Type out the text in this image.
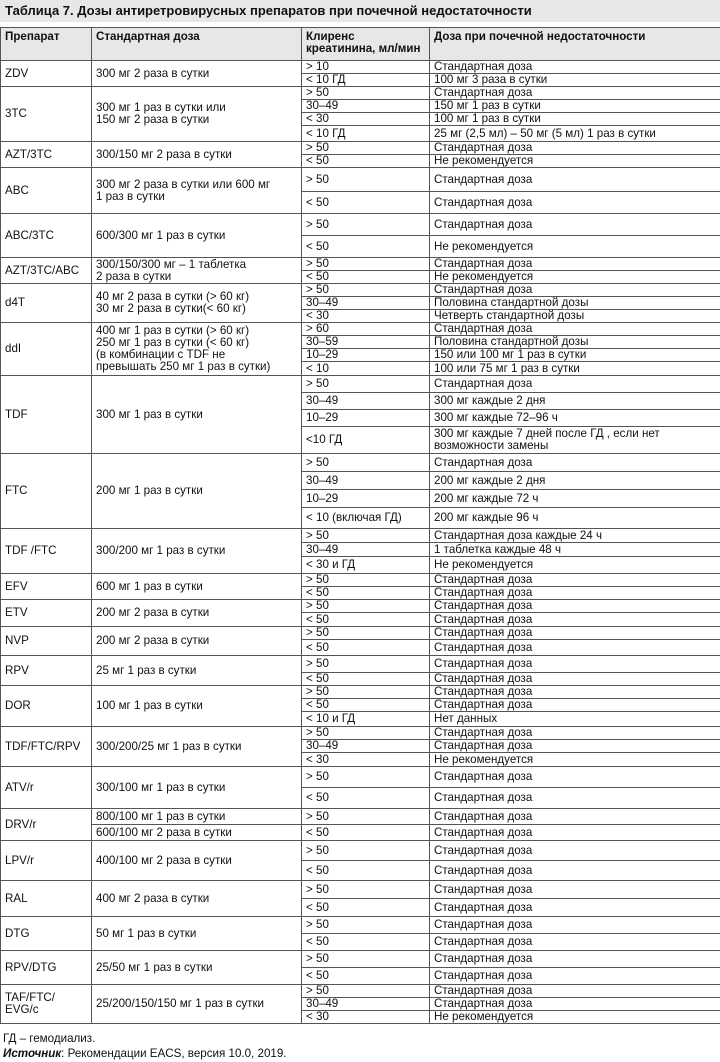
Таблица 7. Дозы антиретровирусных препаратов при почечной недостаточности
Препарат	Стандартная доза	Клиренс креатинина, мл/мин	Доза при почечной недостаточности
ZDV	300 мг 2 раза в сутки	> 10	Стандартная доза
		< 10 ГД	100 мг 3 раза в сутки
3TC	300 мг 1 раз в сутки или
150 мг 2 раза в сутки	> 50	Стандартная доза
		30–49	150 мг 1 раз в сутки
		< 30	100 мг 1 раз в сутки
		< 10 ГД	25 мг (2,5 мл) – 50 мг (5 мл) 1 раз в сутки
AZT/3TC	300/150 мг 2 раза в сутки	> 50	Стандартная доза
		< 50	Не рекомендуется
ABC	300 мг 2 раза в сутки или 600 мг
1 раз в сутки	> 50	Стандартная доза
		< 50	Стандартная доза
ABC/3TC	600/300 мг 1 раз в сутки	> 50	Стандартная доза
		< 50	Не рекомендуется
AZT/3TC/ABC	300/150/300 мг – 1 таблетка
2 раза в сутки	> 50	Стандартная доза
		< 50	Не рекомендуется
d4T	40 мг 2 раза в сутки (> 60 кг)
30 мг 2 раза в сутки(< 60 кг)	> 50	Стандартная доза
		30–49	Половина стандартной дозы
		< 30	Четверть стандартной дозы
ddI	400 мг 1 раз в сутки (> 60 кг)
250 мг 1 раз в сутки (< 60 кг)
(в комбинации с TDF не
превышать 250 мг 1 раз в сутки)	> 60	Стандартная доза
		30–59	Половина стандартной дозы
		10–29	150 или 100 мг 1 раз в сутки
		< 10	100 или 75 мг 1 раз в сутки
TDF	300 мг 1 раз в сутки	> 50	Стандартная доза
		30–49	300 мг каждые 2 дня
		10–29	300 мг каждые 72–96 ч
		<10 ГД	300 мг каждые 7 дней после ГД , если нет
возможности замены
FTC	200 мг 1 раз в сутки	> 50	Стандартная доза
		30–49	200 мг каждые 2 дня
		10–29	200 мг каждые 72 ч
		< 10 (включая ГД)	200 мг каждые 96 ч
TDF /FTC	300/200 мг 1 раз в сутки	> 50	Стандартная доза каждые 24 ч
		30–49	1 таблетка каждые 48 ч
		< 30 и ГД	Не рекомендуется
EFV	600 мг 1 раз в сутки	> 50	Стандартная доза
		< 50	Стандартная доза
ETV	200 мг 2 раза в сутки	> 50	Стандартная доза
		< 50	Стандартная доза
NVP	200 мг 2 раза в сутки	> 50	Стандартная доза
		< 50	Стандартная доза
RPV	25 мг 1 раз в сутки	> 50	Стандартная доза
		< 50	Стандартная доза
DOR	100 мг 1 раз в сутки	> 50	Стандартная доза
		< 50	Стандартная доза
		< 10 и ГД	Нет данных
TDF/FTC/RPV	300/200/25 мг 1 раз в сутки	> 50	Стандартная доза
		30–49	Стандартная доза
		< 30	Не рекомендуется
ATV/r	300/100 мг 1 раз в сутки	> 50	Стандартная доза
		< 50	Стандартная доза
DRV/r	800/100 мг 1 раз в сутки	> 50	Стандартная доза
	600/100 мг 2 раза в сутки	< 50	Стандартная доза
LPV/r	400/100 мг 2 раза в сутки	> 50	Стандартная доза
		< 50	Стандартная доза
RAL	400 мг 2 раза в сутки	> 50	Стандартная доза
		< 50	Стандартная доза
DTG	50 мг 1 раз в сутки	> 50	Стандартная доза
		< 50	Стандартная доза
RPV/DTG	25/50 мг 1 раз в сутки	> 50	Стандартная доза
		< 50	Стандартная доза
TAF/FTC/
EVG/c	25/200/150/150 мг 1 раз в сутки	> 50	Стандартная доза
		30–49	Стандартная доза
		< 30	Не рекомендуется
ГД – гемодиализ.
Источник: Рекомендации EACS, версия 10.0, 2019.
